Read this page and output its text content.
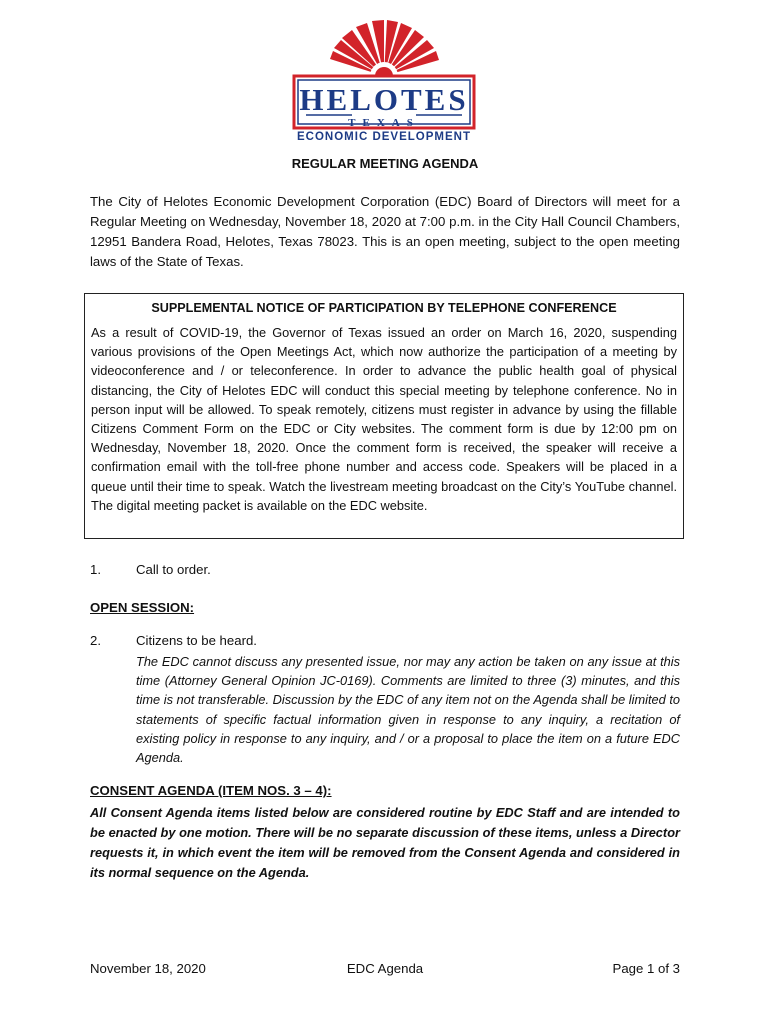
HELOTES
TEXAS
ECONOMIC DEVELOPMENT
REGULAR MEETING AGENDA
The City of Helotes Economic Development Corporation (EDC) Board of Directors will meet for a Regular Meeting on Wednesday, November 18, 2020 at 7:00 p.m. in the City Hall Council Chambers, 12951 Bandera Road, Helotes, Texas 78023. This is an open meeting, subject to the open meeting laws of the State of Texas.

SUPPLEMENTAL NOTICE OF PARTICIPATION BY TELEPHONE CONFERENCE

As a result of COVID-19, the Governor of Texas issued an order on March 16, 2020, suspending various provisions of the Open Meetings Act, which now authorize the participation of a meeting by videoconference and / or teleconference. In order to advance the public health goal of physical distancing, the City of Helotes EDC will conduct this special meeting by telephone conference. No in person input will be allowed. To speak remotely, citizens must register in advance by using the fillable Citizens Comment Form on the EDC or City websites. The comment form is due by 12:00 pm on Wednesday, November 18, 2020. Once the comment form is received, the speaker will receive a confirmation email with the toll-free phone number and access code. Speakers will be placed in a queue until their time to speak. Watch the livestream meeting broadcast on the City’s YouTube channel. The digital meeting packet is available on the EDC website.

1.	Call to order.
OPEN SESSION:
2.	Citizens to be heard.
The EDC cannot discuss any presented issue, nor may any action be taken on any issue at this time (Attorney General Opinion JC-0169). Comments are limited to three (3) minutes, and this time is not transferable. Discussion by the EDC of any item not on the Agenda shall be limited to statements of specific factual information given in response to any inquiry, a recitation of existing policy in response to any inquiry, and / or a proposal to place the item on a future EDC Agenda.
CONSENT AGENDA (ITEM NOS. 3 – 4):
All Consent Agenda items listed below are considered routine by EDC Staff and are intended to be enacted by one motion. There will be no separate discussion of these items, unless a Director requests it, in which event the item will be removed from the Consent Agenda and considered in its normal sequence on the Agenda.
November 18, 2020	EDC Agenda	Page 1 of 3
